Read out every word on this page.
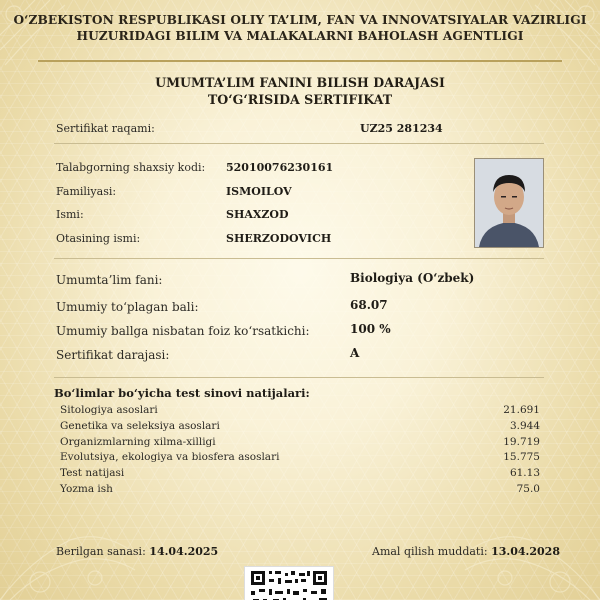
O‘ZBEKISTON RESPUBLIKASI OLIY TA’LIM, FAN VA INNOVATSIYALAR VAZIRLIGI
HUZURIDAGI BILIM VA MALAKALARNI BAHOLASH AGENTLIGI
UMUMTA’LIM FANINI BILISH DARAJASI
TO‘G‘RISIDA SERTIFIKAT
Sertifikat raqami:	UZ25 281234
Talabgorning shaxsiy kodi: 52010076230161
Familiyasi:	ISMOILOV
Ismi:	SHAXZOD
Otasining ismi:	SHERZODOVICH
Umumta’lim fani:	Biologiya (O‘zbek)
Umumiy to‘plagan bali:	68.07
Umumiy ballga nisbatan foiz ko‘rsatkichi:	100 %
Sertifikat darajasi:	A
Bo‘limlar bo‘yicha test sinovi natijalari:
Sitologiya asoslari	21.691
Genetika va seleksiya asoslari	3.944
Organizmlarning xilma-xilligi	19.719
Evolutsiya, ekologiya va biosfera asoslari	15.775
Test natijasi	61.13
Yozma ish	75.0
Berilgan sanasi: 14.04.2025	Amal qilish muddati: 13.04.2028
